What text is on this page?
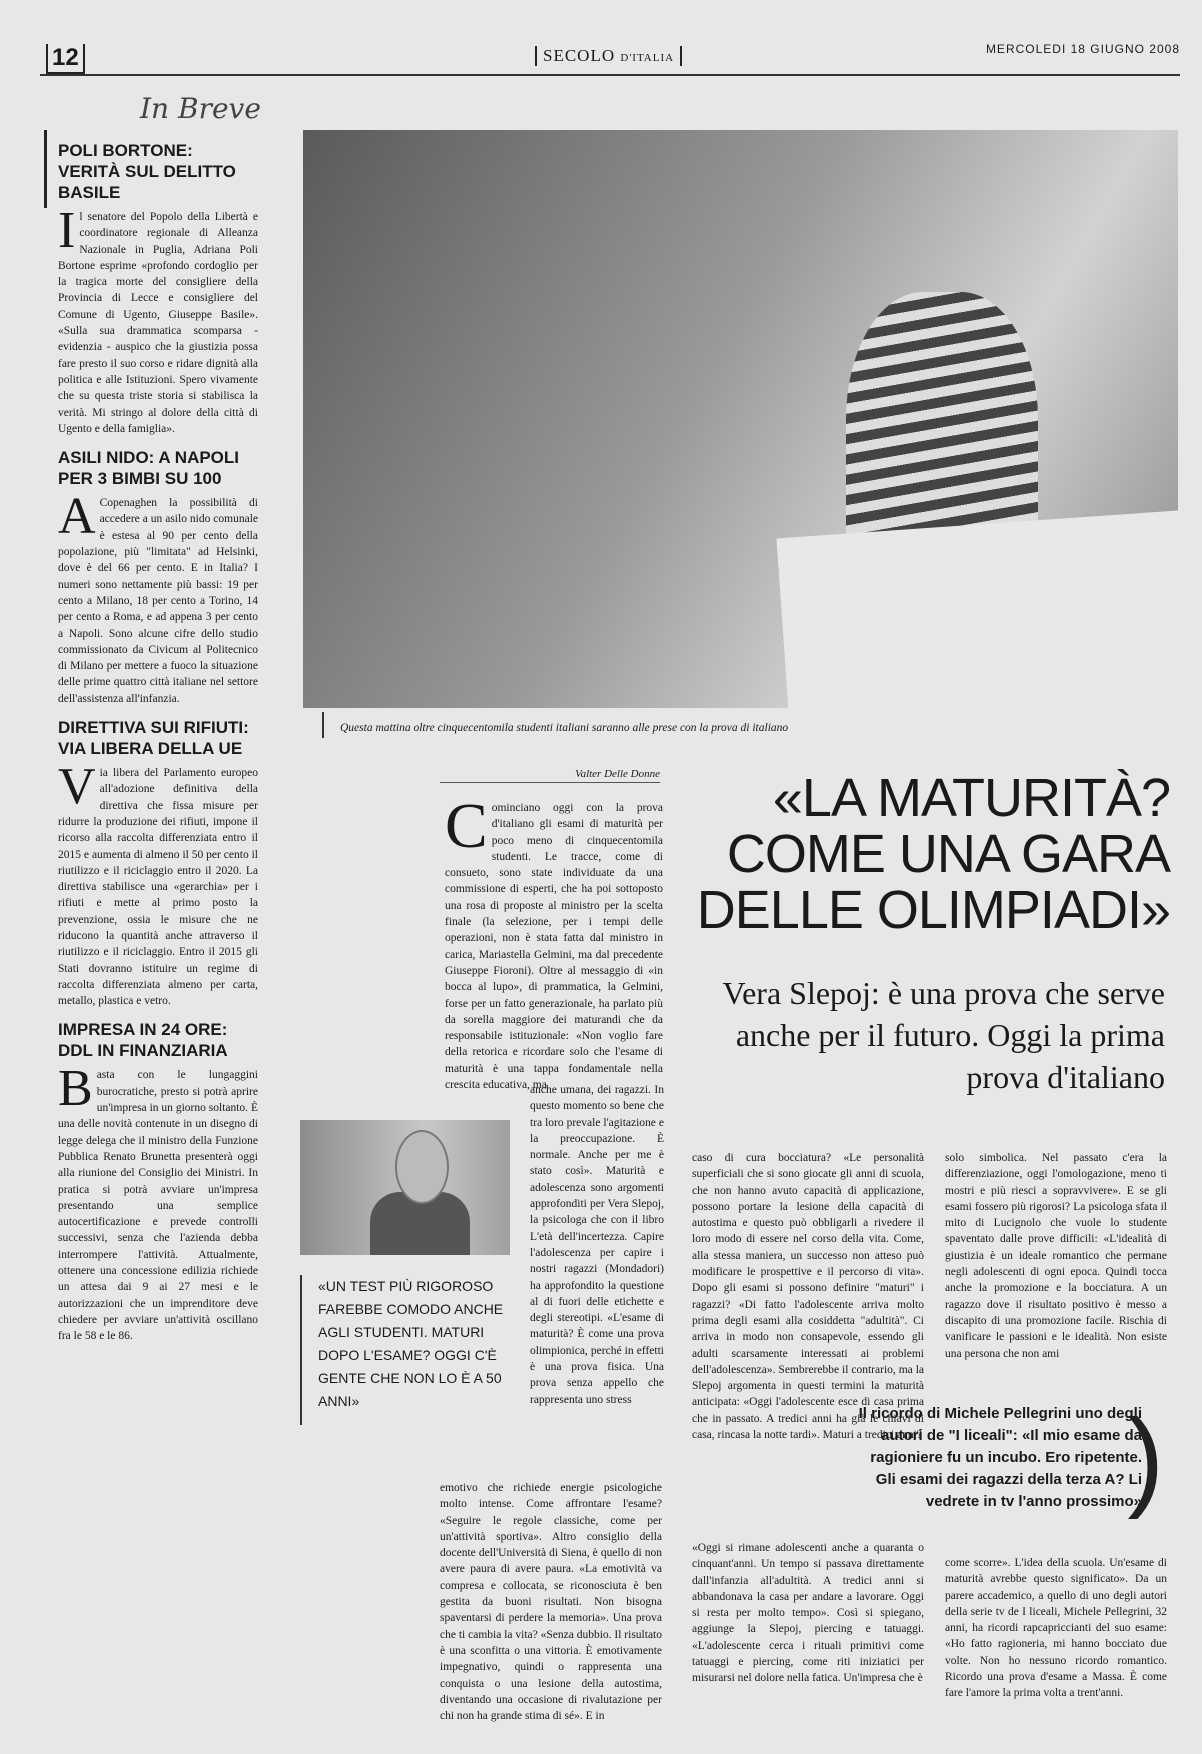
12	SECOLO D'ITALIA
MERCOLEDI 18 GIUGNO 2008
In Breve
POLI BORTONE: VERITÀ SUL DELITTO BASILE

Il senatore del Popolo della Libertà e coordinatore regionale di Alleanza Nazionale in Puglia, Adriana Poli Bortone esprime «profondo cordoglio per la tragica morte del consigliere della Provincia di Lecce e consigliere del Comune di Ugento, Giuseppe Basile». «Sulla sua drammatica scomparsa - evidenzia - auspico che la giustizia possa fare presto il suo corso e ridare dignità alla politica e alle Istituzioni. Spero vivamente che su questa triste storia si stabilisca la verità. Mi stringo al dolore della città di Ugento e della famiglia».

ASILI NIDO: A NAPOLI PER 3 BIMBI SU 100

A Copenaghen la possibilità di accedere a un asilo nido comunale è estesa al 90 per cento della popolazione, più "limitata" ad Helsinki, dove è del 66 per cento. E in Italia? I numeri sono nettamente più bassi: 19 per cento a Milano, 18 per cento a Torino, 14 per cento a Roma, e ad appena 3 per cento a Napoli. Sono alcune cifre dello studio commissionato da Civicum al Politecnico di Milano per mettere a fuoco la situazione delle prime quattro città italiane nel settore dell'assistenza all'infanzia.

DIRETTIVA SUI RIFIUTI: VIA LIBERA DELLA UE

Via libera del Parlamento europeo all'adozione definitiva della direttiva che fissa misure per ridurre la produzione dei rifiuti, impone il ricorso alla raccolta differenziata entro il 2015 e aumenta di almeno il 50 per cento il riutilizzo e il riciclaggio entro il 2020. La direttiva stabilisce una «gerarchia» per i rifiuti e mette al primo posto la prevenzione, ossia le misure che ne riducono la quantità anche attraverso il riutilizzo e il riciclaggio. Entro il 2015 gli Stati dovranno istituire un regime di raccolta differenziata almeno per carta, metallo, plastica e vetro.

IMPRESA IN 24 ORE: DDL IN FINANZIARIA

Basta con le lungaggini burocratiche, presto si potrà aprire un'impresa in un giorno soltanto. È una delle novità contenute in un disegno di legge delega che il ministro della Funzione Pubblica Renato Brunetta presenterà oggi alla riunione del Consiglio dei Ministri. In pratica si potrà avviare un'impresa presentando una semplice autocertificazione e prevede controlli successivi, senza che l'azienda debba interrompere l'attività. Attualmente, ottenere una concessione edilizia richiede un attesa dai 9 ai 27 mesi e le autorizzazioni che un imprenditore deve chiedere per avviare un'attività oscillano fra le 58 e le 86.

Questa mattina oltre cinquecentomila studenti italiani saranno alle prese con la prova di italiano
Valter Delle Donne	«LA MATURITÀ? COME UNA GARA DELLE OLIMPIADI»
Vera Slepoj: è una prova che serve anche per il futuro. Oggi la prima prova d'italiano

Cominciano oggi con la prova d'italiano gli esami di maturità per poco meno di cinquecentomila studenti. Le tracce, come di consueto, sono state individuate da una commissione di esperti, che ha poi sottoposto una rosa di proposte al ministro per la scelta finale (la selezione, per i tempi delle operazioni, non è stata fatta dal ministro in carica, Mariastella Gelmini, ma dal precedente Giuseppe Fioroni). Oltre al messaggio di «in bocca al lupo», di prammatica, la Gelmini, forse per un fatto generazionale, ha parlato più da sorella maggiore dei maturandi che da responsabile istituzionale: «Non voglio fare della retorica e ricordare solo che l'esame di maturità è una tappa fondamentale nella crescita educativa, ma

anche umana, dei ragazzi. In questo momento so bene che tra loro prevale l'agitazione e la preoccupazione. È normale. Anche per me è stato così». Maturità e adolescenza sono argomenti approfonditi per Vera Slepoj, la psicologa che con il libro L'età dell'incertezza. Capire l'adolescenza per capire i nostri ragazzi (Mondadori) ha approfondito la questione al di fuori delle etichette e degli stereotipi. «L'esame di maturità? È come una prova olimpionica, perché in effetti è una prova fisica. Una prova senza appello che rappresenta uno stress

emotivo che richiede energie psicologiche molto intense. Come affrontare l'esame? «Seguire le regole classiche, come per un'attività sportiva». Altro consiglio della docente dell'Università di Siena, è quello di non avere paura di avere paura. «La emotività va compresa e collocata, se riconosciuta è ben gestita da buoni risultati. Non bisogna spaventarsi di perdere la memoria». Una prova che ti cambia la vita? «Senza dubbio. Il risultato è una sconfitta o una vittoria. È emotivamente impegnativo, quindi o rappresenta una conquista o una lesione della autostima, diventando una occasione di rivalutazione per chi non ha grande stima di sé». E in

caso di cura bocciatura? «Le personalità superficiali che si sono giocate gli anni di scuola, che non hanno avuto capacità di applicazione, possono portare la lesione della capacità di autostima e questo può obbligarli a rivedere il loro modo di essere nel corso della vita. Come, alla stessa maniera, un successo non atteso può modificare le prospettive e il percorso di vita». Dopo gli esami si possono definire "maturi" i ragazzi? «Di fatto l'adolescente arriva molto prima degli esami alla cosiddetta "adultità". Ci arriva in modo non consapevole, essendo gli adulti scarsamente interessati ai problemi dell'adolescenza». Sembrerebbe il contrario, ma la Slepoj argomenta in questi termini la maturità anticipata: «Oggi l'adolescente esce di casa prima che in passato. A tredici anni ha già le chiavi di casa, rincasa la notte tardi». Maturi a tredici anni?

«Oggi si rimane adolescenti anche a quaranta o cinquant'anni. Un tempo si passava direttamente dall'infanzia all'adultità. A tredici anni si abbandonava la casa per andare a lavorare. Oggi si resta per molto tempo». Così si spiegano, aggiunge la Slepoj, piercing e tatuaggi. «L'adolescente cerca i rituali primitivi come tatuaggi e piercing, come riti iniziatici per misurarsi nel dolore nella fatica. Un'impresa che è

solo simbolica. Nel passato c'era la differenziazione, oggi l'omologazione, meno ti mostri e più riesci a sopravvivere». E se gli esami fossero più rigorosi? La psicologa sfata il mito di Lucignolo che vuole lo studente spaventato dalle prove difficili: «L'idealità di giustizia è un ideale romantico che permane negli adolescenti di ogni epoca. Quindi tocca anche la promozione e la bocciatura. A un ragazzo dove il risultato positivo è messo a discapito di una promozione facile. Rischia di vanificare le passioni e le idealità. Non esiste una persona che non ami

come scorre». L'idea della scuola. Un'esame di maturità avrebbe questo significato». Da un parere accademico, a quello di uno degli autori della serie tv de I liceali, Michele Pellegrini, 32 anni, ha ricordi rapcapriccianti del suo esame: «Ho fatto ragioneria, mi hanno bocciato due volte. Non ho nessuno ricordo romantico. Ricordo una prova d'esame a Massa. È come fare l'amore la prima volta a trent'anni.

«UN TEST PIÙ RIGOROSO FAREBBE COMODO ANCHE AGLI STUDENTI. MATURI DOPO L'ESAME? OGGI C'È GENTE CHE NON LO È A 50 ANNI»
Il ricordo di Michele Pellegrini uno degli autori de "I liceali": «Il mio esame da ragioniere fu un incubo. Ero ripetente. Gli esami dei ragazzi della terza A? Li vedrete in tv l'anno prossimo»
)
